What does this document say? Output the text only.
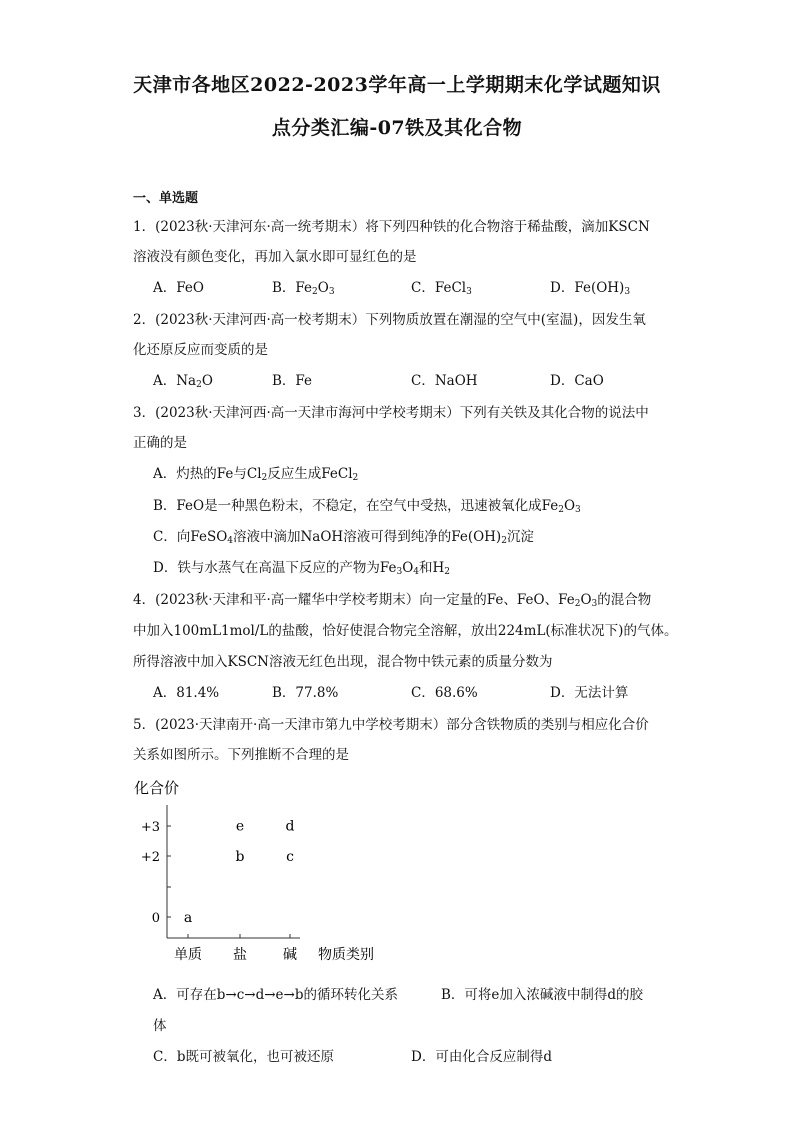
天津市各地区2022-2023学年高一上学期期末化学试题知识
点分类汇编-07铁及其化合物
一、单选题
1．(2023秋·天津河东·高一统考期末）将下列四种铁的化合物溶于稀盐酸，滴加KSCN
溶液没有颜色变化，再加入氯水即可显红色的是
A．FeO	B．$Fe_2O_3$	C．FeCl$_3$	D．$Fe(OH)_3$
2．(2023秋·天津河西·高一校考期末）下列物质放置在潮湿的空气中(室温)，因发生氧
化还原反应而变质的是
A．$Na_2O$	B．Fe	C．NaOH	D．CaO
3．(2023秋·天津河西·高一天津市海河中学校考期末）下列有关铁及其化合物的说法中
正确的是
A．灼热的Fe与$Cl_2$反应生成FeCl$_2$
B．FeO是一种黑色粉末，不稳定，在空气中受热，迅速被氧化成$Fe_2O_3$
C．向FeSO$_4$溶液中滴加NaOH溶液可得到纯净的$Fe(OH)_2$沉淀
D．铁与水蒸气在高温下反应的产物为$Fe_3O_4$和$H_2$
4．(2023秋·天津和平·高一耀华中学校考期末）向一定量的Fe、FeO、$Fe_2O_3$的混合物
中加入100mL1mol/L的盐酸，恰好使混合物完全溶解，放出224mL(标准状况下)的气体。
所得溶液中加入KSCN溶液无红色出现，混合物中铁元素的质量分数为
A．81.4%	B．77.8%	C．68.6%	D．无法计算
5．(2023·天津南开·高一天津市第九中学校考期末）部分含铁物质的类别与相应化合价
关系如图所示。下列推断不合理的是
化合价
+3
+2
0
单质 盐	碱 物质类别
a
b	c
e	d
A．可存在b→c→d→e→b的循环转化关系	B．可将e加入浓碱液中制得d的胶
体
C．b既可被氧化，也可被还原	D．可由化合反应制得d
